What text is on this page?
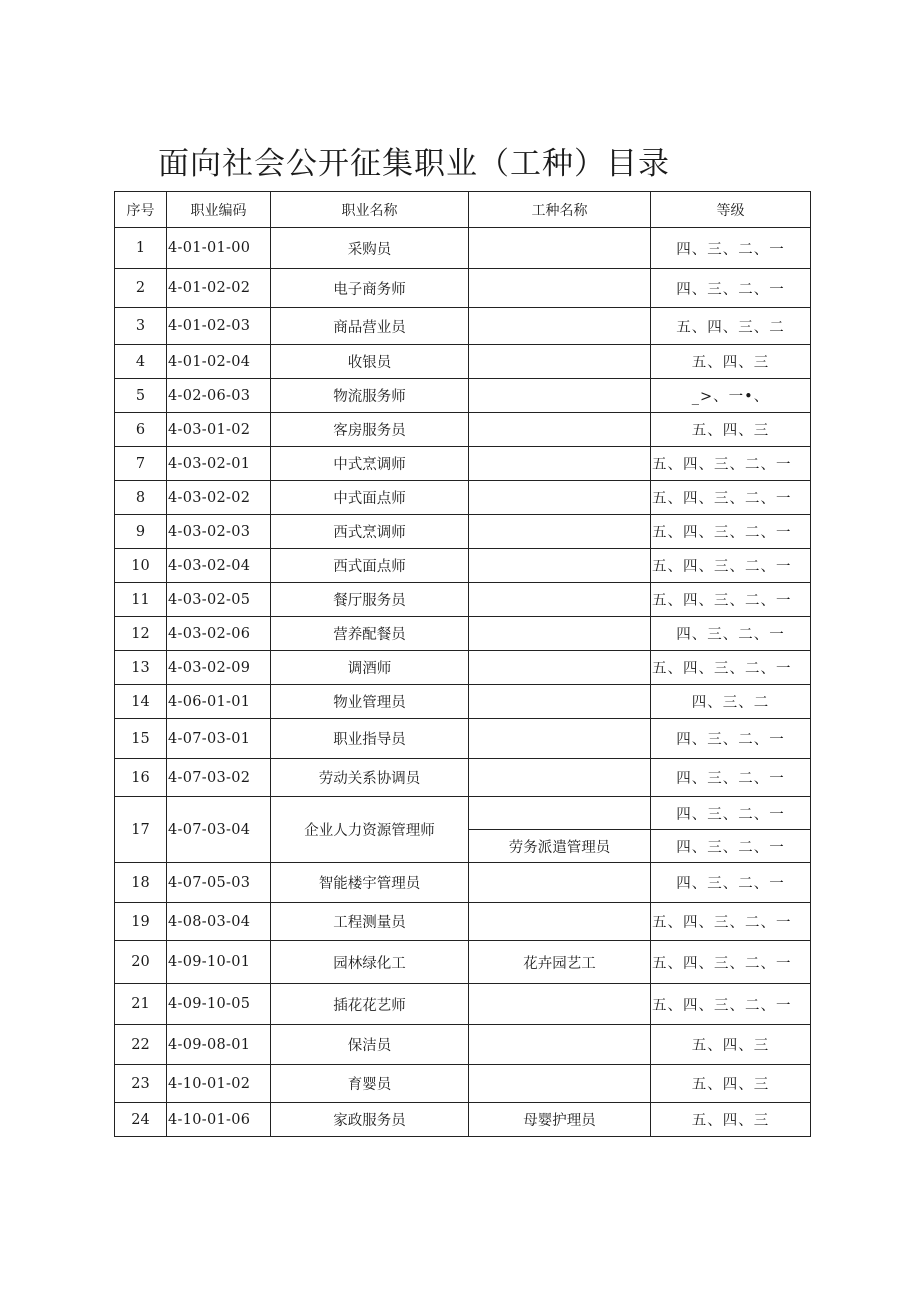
面向社会公开征集职业（工种）目录
序号	职业编码	职业名称	工种名称	等级
1	4-01-01-00	采购员		四、三、二、一
2	4-01-02-02	电子商务师		四、三、二、一
3	4-01-02-03	商品营业员		五、四、三、二
4	4-01-02-04	收银员		五、四、三
5	4-02-06-03	物流服务师		_>、一•、
6	4-03-01-02	客房服务员		五、四、三
7	4-03-02-01	中式烹调师		五、四、三、二、一
8	4-03-02-02	中式面点师		五、四、三、二、一
9	4-03-02-03	西式烹调师		五、四、三、二、一
10	4-03-02-04	西式面点师		五、四、三、二、一
11	4-03-02-05	餐厅服务员		五、四、三、二、一
12	4-03-02-06	营养配餐员		四、三、二、一
13	4-03-02-09	调酒师		五、四、三、二、一
14	4-06-01-01	物业管理员		四、三、二
15	4-07-03-01	职业指导员		四、三、二、一
16	4-07-03-02	劳动关系协调员		四、三、二、一
17	4-07-03-04	企业人力资源管理师		四、三、二、一
			劳务派遣管理员	四、三、二、一
18	4-07-05-03	智能楼宇管理员		四、三、二、一
19	4-08-03-04	工程测量员		五、四、三、二、一
20	4-09-10-01	园林绿化工	花卉园艺工	五、四、三、二、一
21	4-09-10-05	插花花艺师		五、四、三、二、一
22	4-09-08-01	保洁员		五、四、三
23	4-10-01-02	育婴员		五、四、三
24	4-10-01-06	家政服务员	母婴护理员	五、四、三
